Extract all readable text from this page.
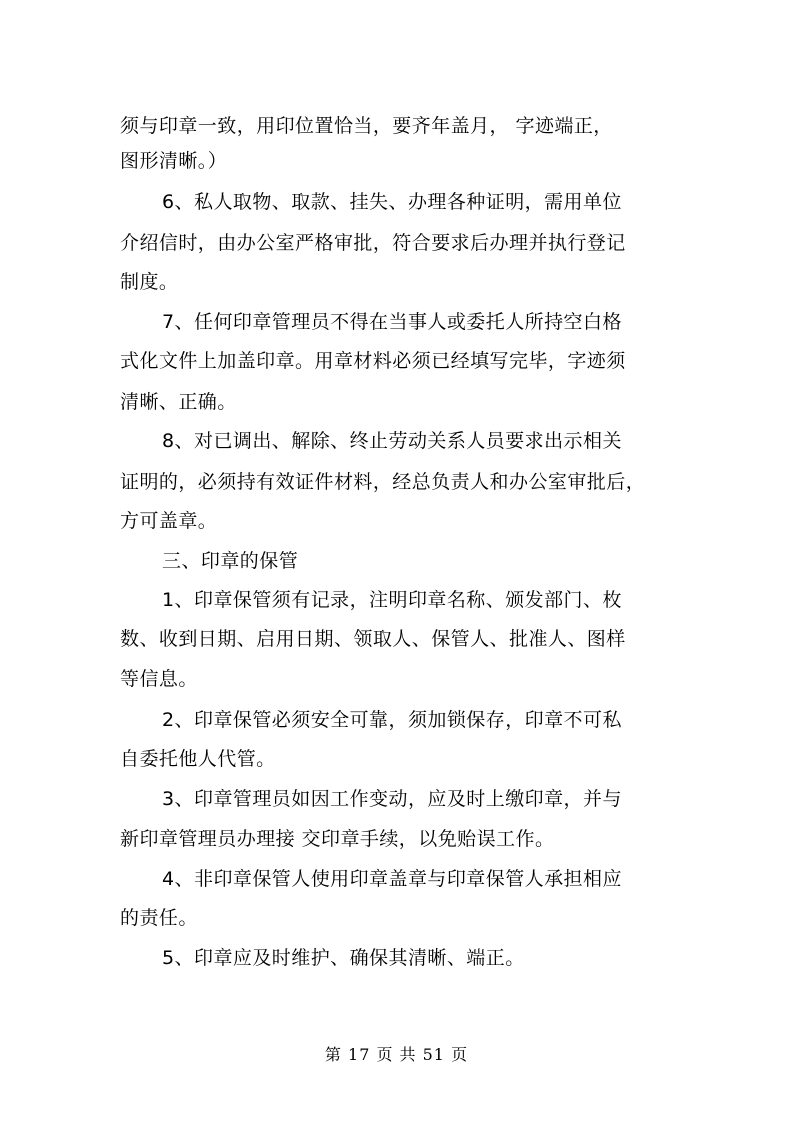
须与印章一致，用印位置恰当，要齐年盖月， 字迹端正，
图形清晰。）
6、私人取物、取款、挂失、办理各种证明，需用单位
介绍信时，由办公室严格审批，符合要求后办理并执行登记
制度。
7、任何印章管理员不得在当事人或委托人所持空白格
式化文件上加盖印章。用章材料必须已经填写完毕，字迹须
清晰、正确。
8、对已调出、解除、终止劳动关系人员要求出示相关
证明的，必须持有效证件材料，经总负责人和办公室审批后，
方可盖章。
三、印章的保管
1、印章保管须有记录，注明印章名称、颁发部门、枚
数、收到日期、启用日期、领取人、保管人、批准人、图样
等信息。
2、印章保管必须安全可靠，须加锁保存，印章不可私
自委托他人代管。
3、印章管理员如因工作变动，应及时上缴印章，并与
新印章管理员办理接 交印章手续，以免贻误工作。
4、非印章保管人使用印章盖章与印章保管人承担相应
的责任。
5、印章应及时维护、确保其清晰、端正。
第 17 页 共 51 页
